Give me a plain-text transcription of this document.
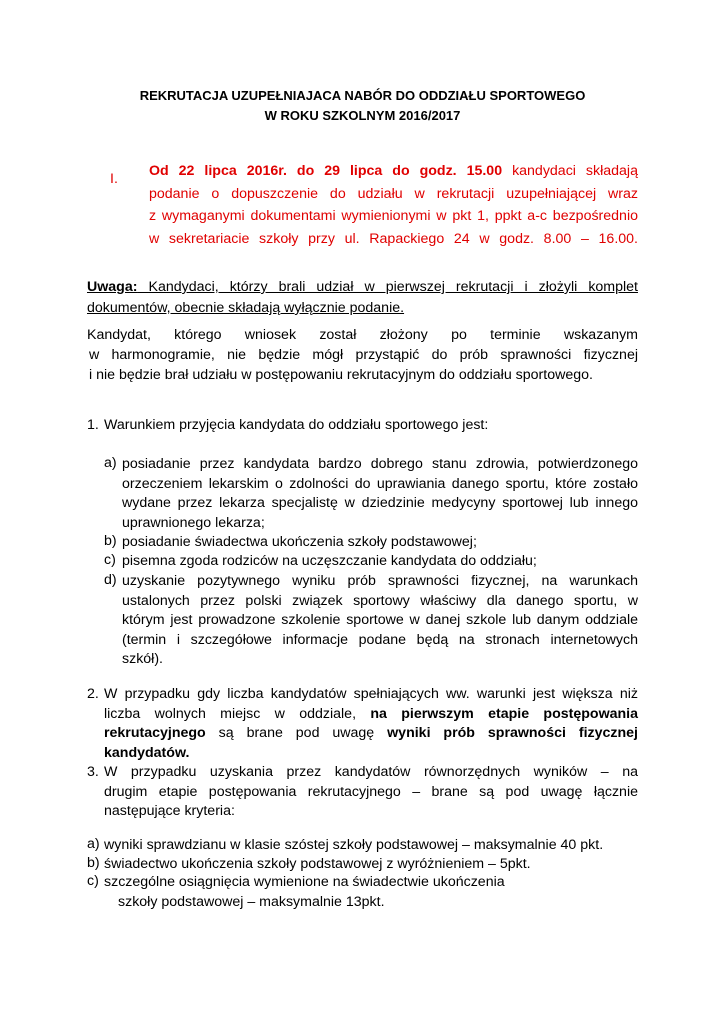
REKRUTACJA UZUPEŁNIAJACA NABÓR DO ODDZIAŁU SPORTOWEGO
W ROKU SZKOLNYM 2016/2017
I. Od 22 lipca 2016r. do 29 lipca do godz. 15.00 kandydaci składają
podanie o dopuszczenie do udziału w rekrutacji uzupełniającej wraz
z wymaganymi dokumentami wymienionymi w pkt 1, ppkt a-c bezpośrednio
w sekretariacie szkoły przy ul. Rapackiego 24 w godz. 8.00 – 16.00.
Uwaga: Kandydaci, którzy brali udział w pierwszej rekrutacji i złożyli komplet
dokumentów, obecnie składają wyłącznie podanie.
Kandydat, którego wniosek został złożony po terminie wskazanym
w harmonogramie, nie będzie mógł przystąpić do prób sprawności fizycznej
i nie będzie brał udziału w postępowaniu rekrutacyjnym do oddziału sportowego.
1. Warunkiem przyjęcia kandydata do oddziału sportowego jest:
a) posiadanie przez kandydata bardzo dobrego stanu zdrowia, potwierdzonego
orzeczeniem lekarskim o zdolności do uprawiania danego sportu, które zostało
wydane przez lekarza specjalistę w dziedzinie medycyny sportowej lub innego
uprawnionego lekarza;
b) posiadanie świadectwa ukończenia szkoły podstawowej;
c) pisemna zgoda rodziców na uczęszczanie kandydata do oddziału;
d) uzyskanie pozytywnego wyniku prób sprawności fizycznej, na warunkach
ustalonych przez polski związek sportowy właściwy dla danego sportu, w
którym jest prowadzone szkolenie sportowe w danej szkole lub danym oddziale
(termin i szczegółowe informacje podane będą na stronach internetowych
szkół).
2. W przypadku gdy liczba kandydatów spełniających ww. warunki jest większa niż
liczba wolnych miejsc w oddziale, na pierwszym etapie postępowania
rekrutacyjnego są brane pod uwagę wyniki prób sprawności fizycznej
kandydatów.
3. W przypadku uzyskania przez kandydatów równorzędnych wyników – na
drugim etapie postępowania rekrutacyjnego – brane są pod uwagę łącznie
następujące kryteria:
a) wyniki sprawdzianu w klasie szóstej szkoły podstawowej – maksymalnie 40 pkt.
b) świadectwo ukończenia szkoły podstawowej z wyróżnieniem – 5pkt.
c) szczególne osiągnięcia wymienione na świadectwie ukończenia
szkoły podstawowej – maksymalnie 13pkt.
